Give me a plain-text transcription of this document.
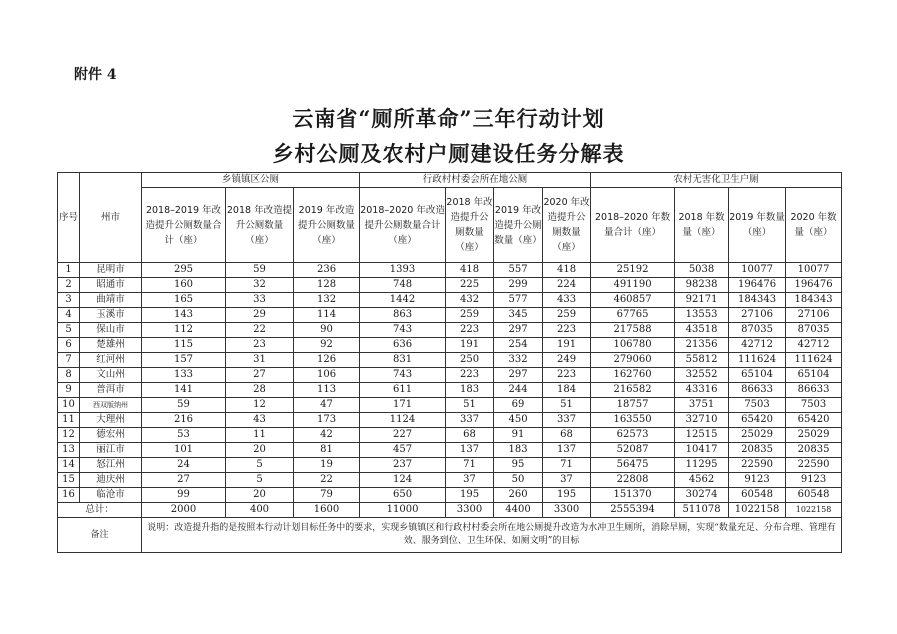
附件 4
云南省“厕所革命”三年行动计划
乡村公厕及农村户厕建设任务分解表
序号	州市	乡镇镇区公厕			行政村村委会所在地公厕				农村无害化卫生户厕			
		2018–2019 年改造提升公厕数量合计（座）	2018 年改造提升公厕数量（座）	2019 年改造提升公厕数量（座）	2018–2020 年改造提升公厕数量合计（座）	2018 年改造提升公厕数量（座）	2019 年改造提升公厕数量（座）	2020 年改造提升公厕数量（座）	2018–2020 年数量合计（座）	2018 年数量（座）	2019 年数量（座）	2020 年数量（座）
1	昆明市	295	59	236	1393	418	557	418	25192	5038	10077	10077
2	昭通市	160	32	128	748	225	299	224	491190	98238	196476	196476
3	曲靖市	165	33	132	1442	432	577	433	460857	92171	184343	184343
4	玉溪市	143	29	114	863	259	345	259	67765	13553	27106	27106
5	保山市	112	22	90	743	223	297	223	217588	43518	87035	87035
6	楚雄州	115	23	92	636	191	254	191	106780	21356	42712	42712
7	红河州	157	31	126	831	250	332	249	279060	55812	111624	111624
8	文山州	133	27	106	743	223	297	223	162760	32552	65104	65104
9	普洱市	141	28	113	611	183	244	184	216582	43316	86633	86633
10	西双版纳州	59	12	47	171	51	69	51	18757	3751	7503	7503
11	大理州	216	43	173	1124	337	450	337	163550	32710	65420	65420
12	德宏州	53	11	42	227	68	91	68	62573	12515	25029	25029
13	丽江市	101	20	81	457	137	183	137	52087	10417	20835	20835
14	怒江州	24	5	19	237	71	95	71	56475	11295	22590	22590
15	迪庆州	27	5	22	124	37	50	37	22808	4562	9123	9123
16	临沧市	99	20	79	650	195	260	195	151370	30274	60548	60548
总计：		2000	400	1600	11000	3300	4400	3300	2555394	511078	1022158	1022158
备注		说明：改造提升指的是按照本行动计划目标任务中的要求，实现乡镇镇区和行政村村委会所在地公厕提升改造为水冲卫生厕所，消除旱厕，实现“数量充足、分布合理、管理有效、服务到位、卫生环保、如厕文明”的目标										
